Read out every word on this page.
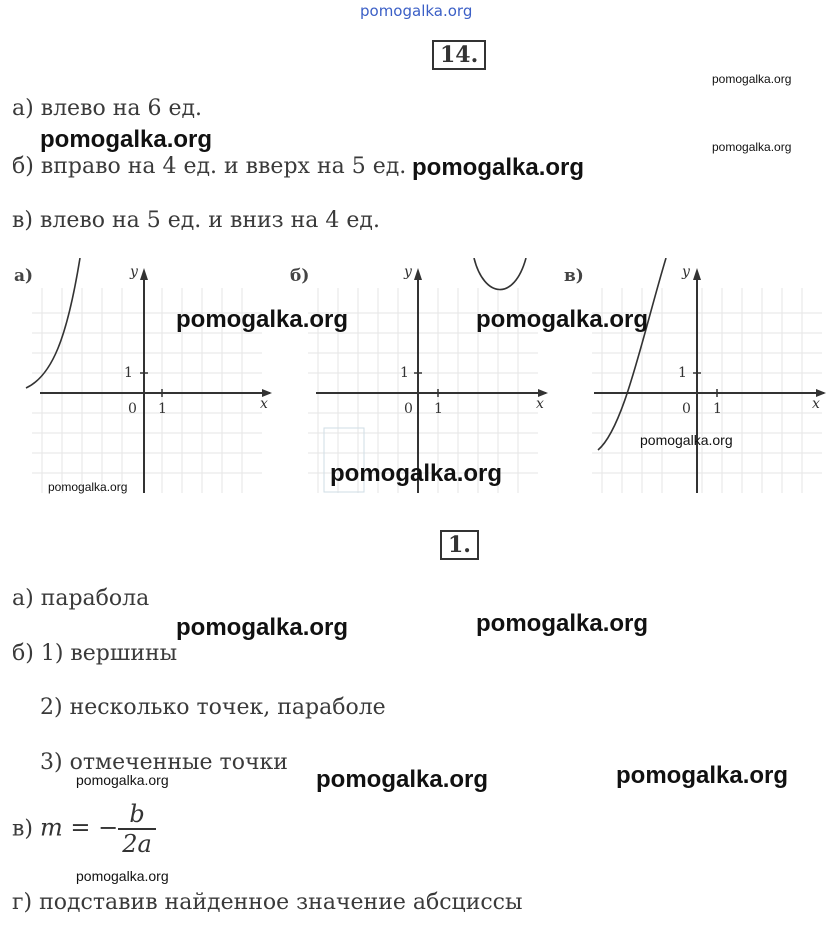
pomogalka.org
14.
а) влево на 6 ед.
б) вправо на 4 ед. и вверх на 5 ед.
в) влево на 5 ед. и вниз на 4 ед.
а)	y
x
1
0 1
б)	y
x
1
0 1
в)	y
x
1
0 1
1.
а) парабола
б) 1) вершины
2) несколько точек, параболе
3) отмеченные точки
в) m = − $\frac{b}{2a}$
г) подставив найденное значение абсциссы
pomogalka.org
pomogalka.org	pomogalka.org
pomogalka.org
pomogalka.org	pomogalka.org
pomogalka.org
pomogalka.org
pomogalka.org
pomogalka.org	pomogalka.org
pomogalka.org	pomogalka.org	pomogalka.org
pomogalka.org
